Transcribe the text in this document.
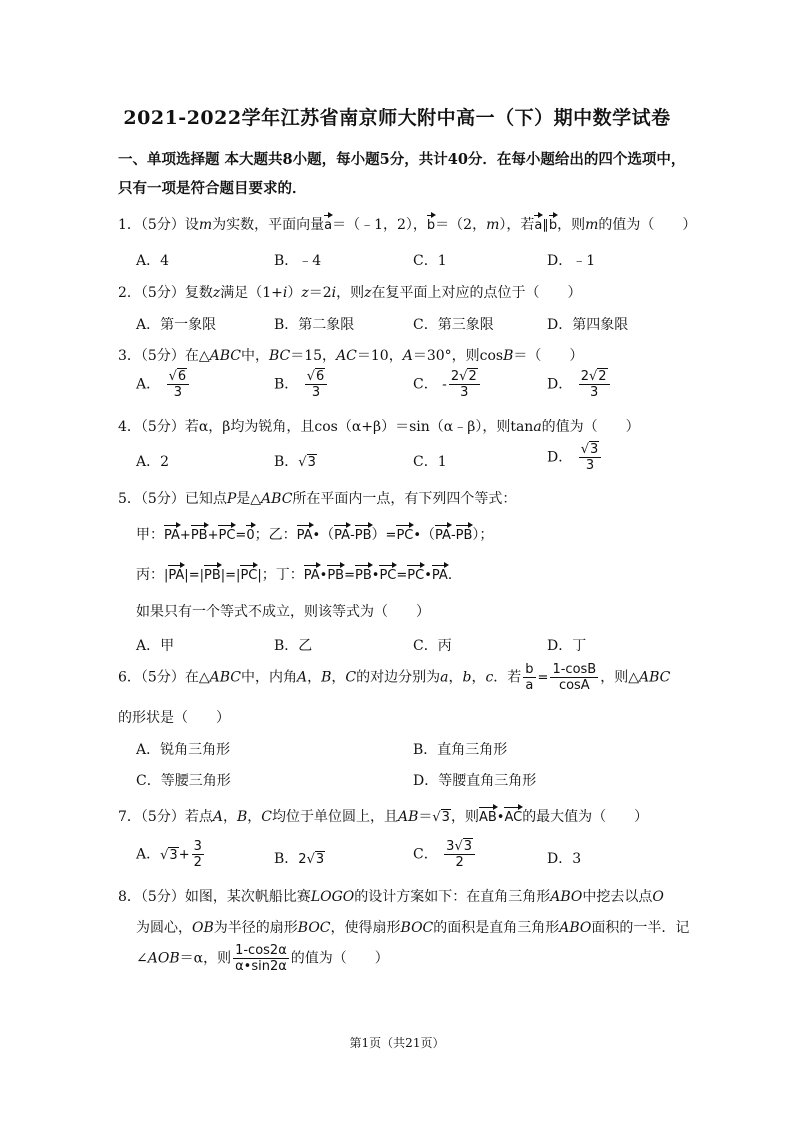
2021-2022学年江苏省南京师大附中高一（下）期中数学试卷
一、单项选择题 本大题共8小题，每小题5分，共计40分．在每小题给出的四个选项中，
只有一项是符合题目要求的．
1．（5分）设m为实数，平面向量a＝（﹣1，2），b＝（2，m），若a∥b，则m的值为（　　）
A．4	B．﹣4	C．1	D．﹣1
2．（5分）复数z满足（1+i）z＝2i，则z在复平面上对应的点位于（　　）
A．第一象限	B．第二象限	C．第三象限	D．第四象限
3．（5分）在△ABC中，BC＝15，AC＝10，A＝30°，则cosB＝（　　）
A． $\frac{√6}{3}$	B． $\frac{√6}{3}$	C． - $\frac{2√2}{3}$	D． $\frac{2√2}{3}$
4．（5分）若α，β均为锐角，且cos（α+β）＝sin（α﹣β），则tana的值为（　　）
A．2	B．√3	C．1	D． $\frac{√3}{3}$
5．（5分）已知点P是△ABC所在平面内一点，有下列四个等式：
甲：PA+PB+PC=0；乙：PA•（PA-PB）=PC•（PA-PB）；
丙：|PA|=|PB|=|PC|；丁：PA•PB=PB•PC=PC•PA.
如果只有一个等式不成立，则该等式为（　　）
A．甲	B．乙	C．丙	D．丁
6．（5分）在△ABC中，内角A，B，C的对边分别为a，b，c．若 $\frac{b}{a} = \frac{1-\cos B}{\cos A}$ ，则△ABC
的形状是（　　）
A．锐角三角形	B．直角三角形
C．等腰三角形	D．等腰直角三角形
7．（5分）若点A，B，C均位于单位圆上，且AB＝√3，则AB•AC的最大值为（　　）
A．$√3+ \frac{3}{2}$	B．2√3	C． $\frac{3√3}{2}$	D．3
8．（5分）如图，某次帆船比赛LOGO的设计方案如下：在直角三角形ABO中挖去以点O
为圆心，OB为半径的扇形BOC，使得扇形BOC的面积是直角三角形ABO面积的一半．记
∠AOB＝α，则 $\frac{1-\cos 2\alpha}{\alpha•\sin 2\alpha}$ 的值为（　　）
第1页（共21页）
